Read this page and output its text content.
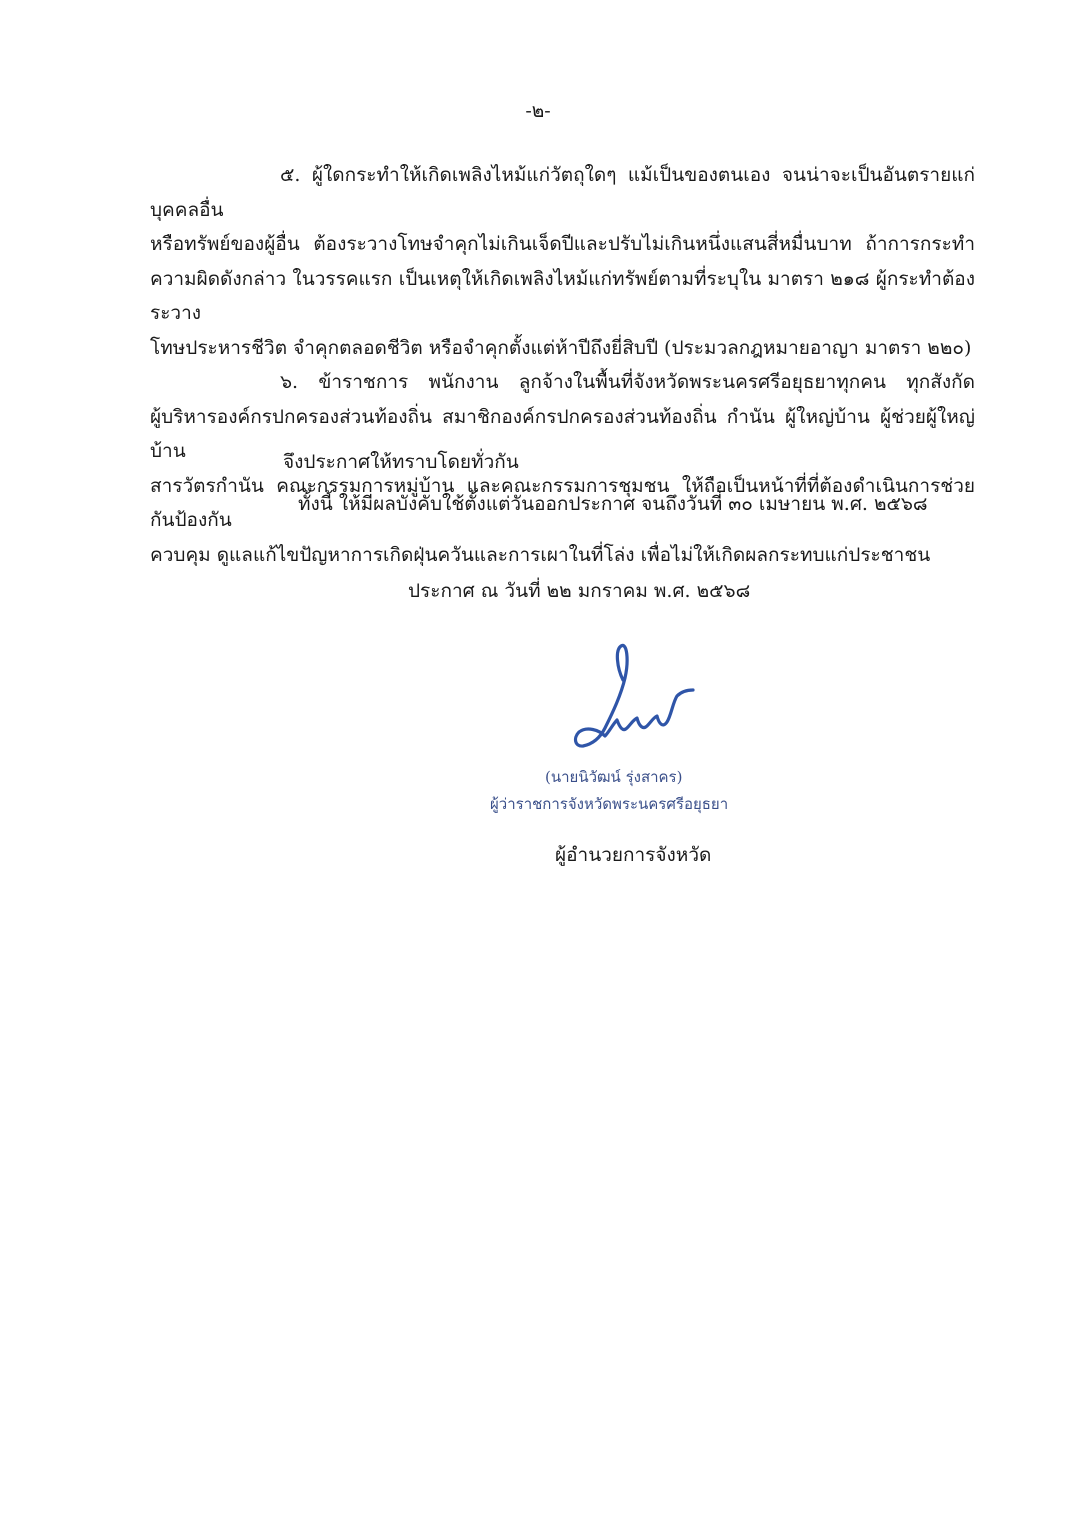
-๒-

๕. ผู้ใดกระทำให้เกิดเพลิงไหม้แก่วัตถุใดๆ แม้เป็นของตนเอง จนน่าจะเป็นอันตรายแก่บุคคลอื่น

หรือทรัพย์ของผู้อื่น ต้องระวางโทษจำคุกไม่เกินเจ็ดปีและปรับไม่เกินหนึ่งแสนสี่หมื่นบาท ถ้าการกระทำ

ความผิดดังกล่าว ในวรรคแรก เป็นเหตุให้เกิดเพลิงไหม้แก่ทรัพย์ตามที่ระบุใน มาตรา ๒๑๘ ผู้กระทำต้องระวาง

โทษประหารชีวิต จำคุกตลอดชีวิต หรือจำคุกตั้งแต่ห้าปีถึงยี่สิบปี (ประมวลกฎหมายอาญา มาตรา ๒๒๐)

๖. ข้าราชการ พนักงาน ลูกจ้างในพื้นที่จังหวัดพระนครศรีอยุธยาทุกคน ทุกสังกัด

ผู้บริหารองค์กรปกครองส่วนท้องถิ่น สมาชิกองค์กรปกครองส่วนท้องถิ่น กำนัน ผู้ใหญ่บ้าน ผู้ช่วยผู้ใหญ่บ้าน

สารวัตรกำนัน คณะกรรมการหมู่บ้าน และคณะกรรมการชุมชน ให้ถือเป็นหน้าที่ที่ต้องดำเนินการช่วยกันป้องกัน

ควบคุม ดูแลแก้ไขปัญหาการเกิดฝุ่นควันและการเผาในที่โล่ง เพื่อไม่ให้เกิดผลกระทบแก่ประชาชน

จึงประกาศให้ทราบโดยทั่วกัน
ทั้งนี้ ให้มีผลบังคับใช้ตั้งแต่วันออกประกาศ จนถึงวันที่ ๓๐ เมษายน พ.ศ. ๒๕๖๘
ประกาศ ณ วันที่ ๒๒ มกราคม พ.ศ. ๒๕๖๘
(นายนิวัฒน์ รุ่งสาคร)
ผู้ว่าราชการจังหวัดพระนครศรีอยุธยา
ผู้อำนวยการจังหวัด
